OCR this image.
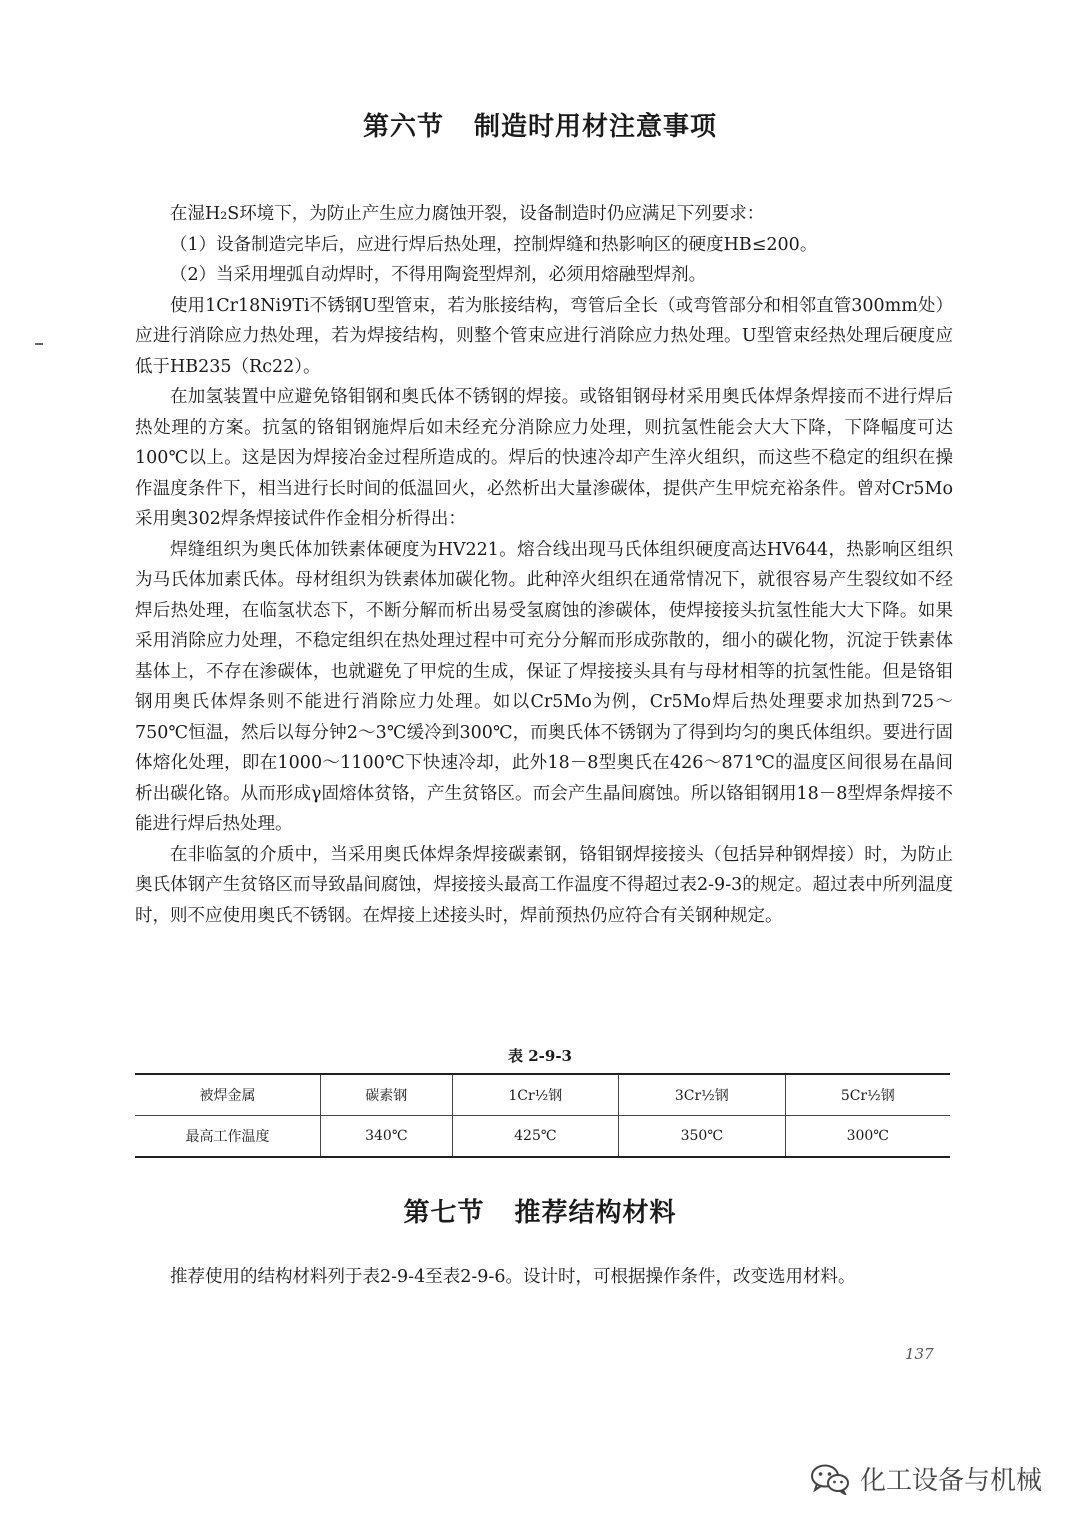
第六节 制造时用材注意事项

在湿H₂S环境下，为防止产生应力腐蚀开裂，设备制造时仍应满足下列要求：

（1）设备制造完毕后，应进行焊后热处理，控制焊缝和热影响区的硬度HB≤200。

（2）当采用埋弧自动焊时，不得用陶瓷型焊剂，必须用熔融型焊剂。

使用1Cr18Ni9Ti不锈钢U型管束，若为胀接结构，弯管后全长（或弯管部分和相邻直管300mm处）应进行消除应力热处理，若为焊接结构，则整个管束应进行消除应力热处理。U型管束经热处理后硬度应低于HB235（Rc22）。

在加氢装置中应避免铬钼钢和奥氏体不锈钢的焊接。或铬钼钢母材采用奥氏体焊条焊接而不进行焊后热处理的方案。抗氢的铬钼钢施焊后如未经充分消除应力处理，则抗氢性能会大大下降，下降幅度可达100℃以上。这是因为焊接冶金过程所造成的。焊后的快速冷却产生淬火组织，而这些不稳定的组织在操作温度条件下，相当进行长时间的低温回火，必然析出大量渗碳体，提供产生甲烷充裕条件。曾对Cr5Mo采用奥302焊条焊接试件作金相分析得出：

焊缝组织为奥氏体加铁素体硬度为HV221。熔合线出现马氏体组织硬度高达HV644，热影响区组织为马氏体加素氏体。母材组织为铁素体加碳化物。此种淬火组织在通常情况下，就很容易产生裂纹如不经焊后热处理，在临氢状态下，不断分解而析出易受氢腐蚀的渗碳体，使焊接接头抗氢性能大大下降。如果采用消除应力处理，不稳定组织在热处理过程中可充分分解而形成弥散的，细小的碳化物，沉淀于铁素体基体上，不存在渗碳体，也就避免了甲烷的生成，保证了焊接接头具有与母材相等的抗氢性能。但是铬钼钢用奥氏体焊条则不能进行消除应力处理。如以Cr5Mo为例，Cr5Mo焊后热处理要求加热到725～750℃恒温，然后以每分钟2～3℃缓冷到300℃，而奥氏体不锈钢为了得到均匀的奥氏体组织。要进行固体熔化处理，即在1000～1100℃下快速冷却，此外18－8型奥氏在426～871℃的温度区间很易在晶间析出碳化铬。从而形成γ固熔体贫铬，产生贫铬区。而会产生晶间腐蚀。所以铬钼钢用18－8型焊条焊接不能进行焊后热处理。

在非临氢的介质中，当采用奥氏体焊条焊接碳素钢，铬钼钢焊接接头（包括异种钢焊接）时，为防止奥氏体钢产生贫铬区而导致晶间腐蚀，焊接接头最高工作温度不得超过表2-9-3的规定。超过表中所列温度时，则不应使用奥氏不锈钢。在焊接上述接头时，焊前预热仍应符合有关钢种规定。

表 2-9-3
被焊金属	碳素钢	1Cr½钢	3Cr½钢	5Cr½钢
最高工作温度	340℃	425℃	350℃	300℃
第七节 推荐结构材料

推荐使用的结构材料列于表2-9-4至表2-9-6。设计时，可根据操作条件，改变选用材料。

137
化工设备与机械
